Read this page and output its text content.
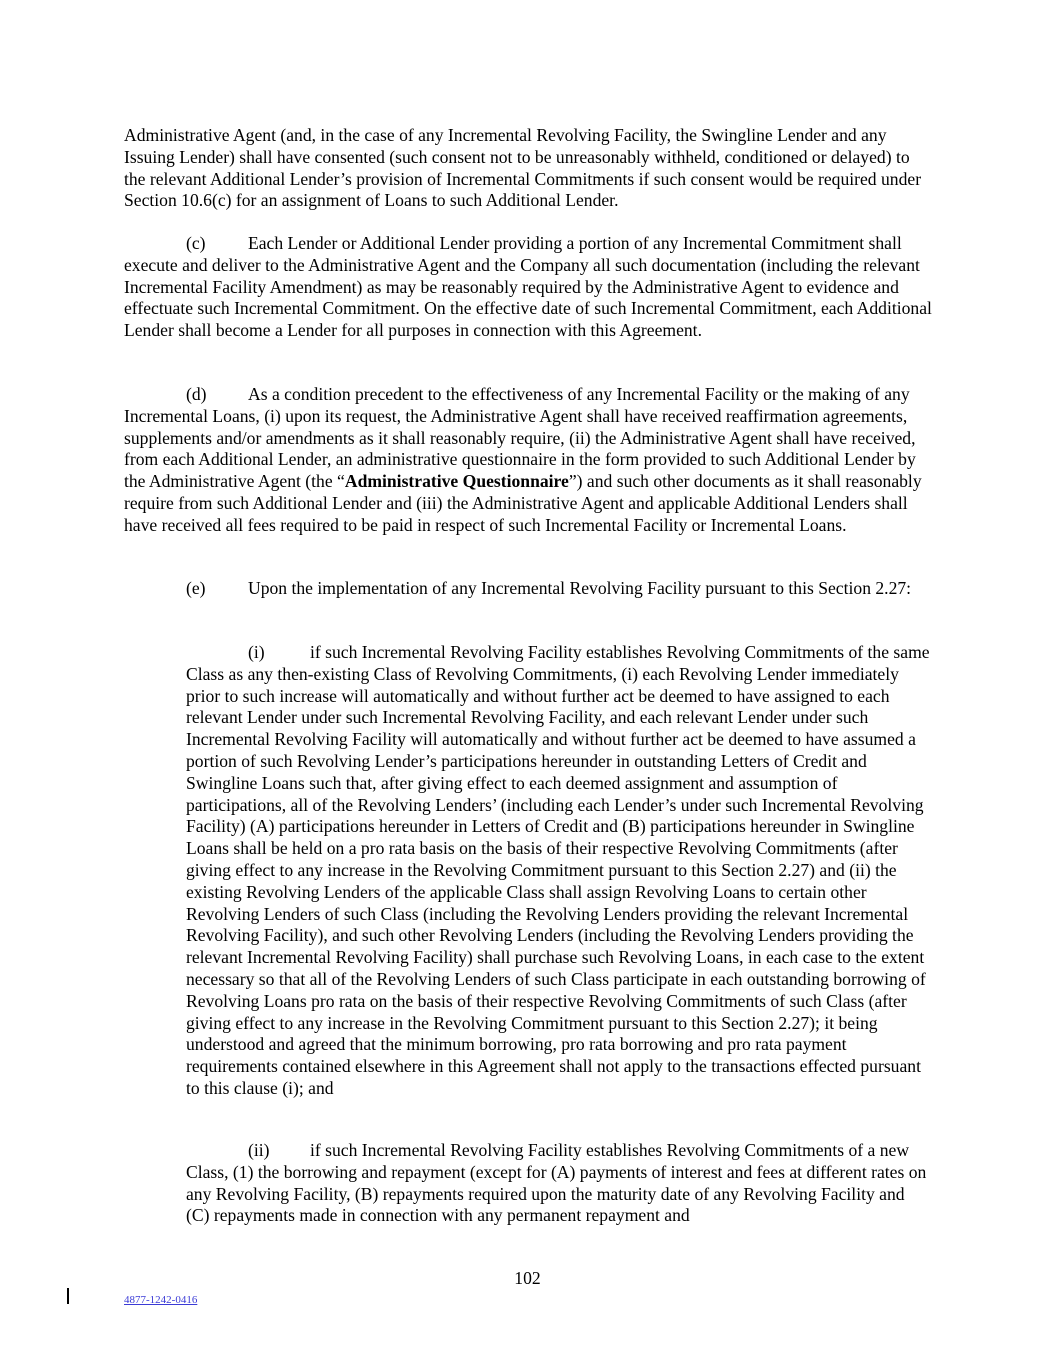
Administrative Agent (and, in the case of any Incremental Revolving Facility, the Swingline Lender and any Issuing Lender) shall have consented (such consent not to be unreasonably withheld, conditioned or delayed) to the relevant Additional Lender’s provision of Incremental Commitments if such consent would be required under Section 10.6(c) for an assignment of Loans to such Additional Lender.

(c) Each Lender or Additional Lender providing a portion of any Incremental Commitment shall execute and deliver to the Administrative Agent and the Company all such documentation (including the relevant Incremental Facility Amendment) as may be reasonably required by the Administrative Agent to evidence and effectuate such Incremental Commitment. On the effective date of such Incremental Commitment, each Additional Lender shall become a Lender for all purposes in connection with this Agreement.

(d) As a condition precedent to the effectiveness of any Incremental Facility or the making of any Incremental Loans, (i) upon its request, the Administrative Agent shall have received reaffirmation agreements, supplements and/or amendments as it shall reasonably require, (ii) the Administrative Agent shall have received, from each Additional Lender, an administrative questionnaire in the form provided to such Additional Lender by the Administrative Agent (the “Administrative Questionnaire”) and such other documents as it shall reasonably require from such Additional Lender and (iii) the Administrative Agent and applicable Additional Lenders shall have received all fees required to be paid in respect of such Incremental Facility or Incremental Loans.

(e) Upon the implementation of any Incremental Revolving Facility pursuant to this Section 2.27:

(i)	if such Incremental Revolving Facility establishes Revolving Commitments of the same Class as any then-existing Class of Revolving Commitments, (i) each Revolving Lender immediately prior to such increase will automatically and without further act be deemed to have assigned to each relevant Lender under such Incremental Revolving Facility, and each relevant Lender under such Incremental Revolving Facility will automatically and without further act be deemed to have assumed a portion of such Revolving Lender’s participations hereunder in outstanding Letters of Credit and Swingline Loans such that, after giving effect to each deemed assignment and assumption of participations, all of the Revolving Lenders’ (including each Lender’s under such Incremental Revolving Facility) (A) participations hereunder in Letters of Credit and (B) participations hereunder in Swingline Loans shall be held on a pro rata basis on the basis of their respective Revolving Commitments (after giving effect to any increase in the Revolving Commitment pursuant to this Section 2.27) and (ii) the existing Revolving Lenders of the applicable Class shall assign Revolving Loans to certain other Revolving Lenders of such Class (including the Revolving Lenders providing the relevant Incremental Revolving Facility), and such other Revolving Lenders (including the Revolving Lenders providing the relevant Incremental Revolving Facility) shall purchase such Revolving Loans, in each case to the extent necessary so that all of the Revolving Lenders of such Class participate in each outstanding borrowing of Revolving Loans pro rata on the basis of their respective Revolving Commitments of such Class (after giving effect to any increase in the Revolving Commitment pursuant to this Section 2.27); it being understood and agreed that the minimum borrowing, pro rata borrowing and pro rata payment requirements contained elsewhere in this Agreement shall not apply to the transactions effected pursuant to this clause (i); and

(ii) if such Incremental Revolving Facility establishes Revolving Commitments of a new Class, (1) the borrowing and repayment (except for (A) payments of interest and fees at different rates on any Revolving Facility, (B) repayments required upon the maturity date of any Revolving Facility and (C) repayments made in connection with any permanent repayment and

102
4877-1242-0416
